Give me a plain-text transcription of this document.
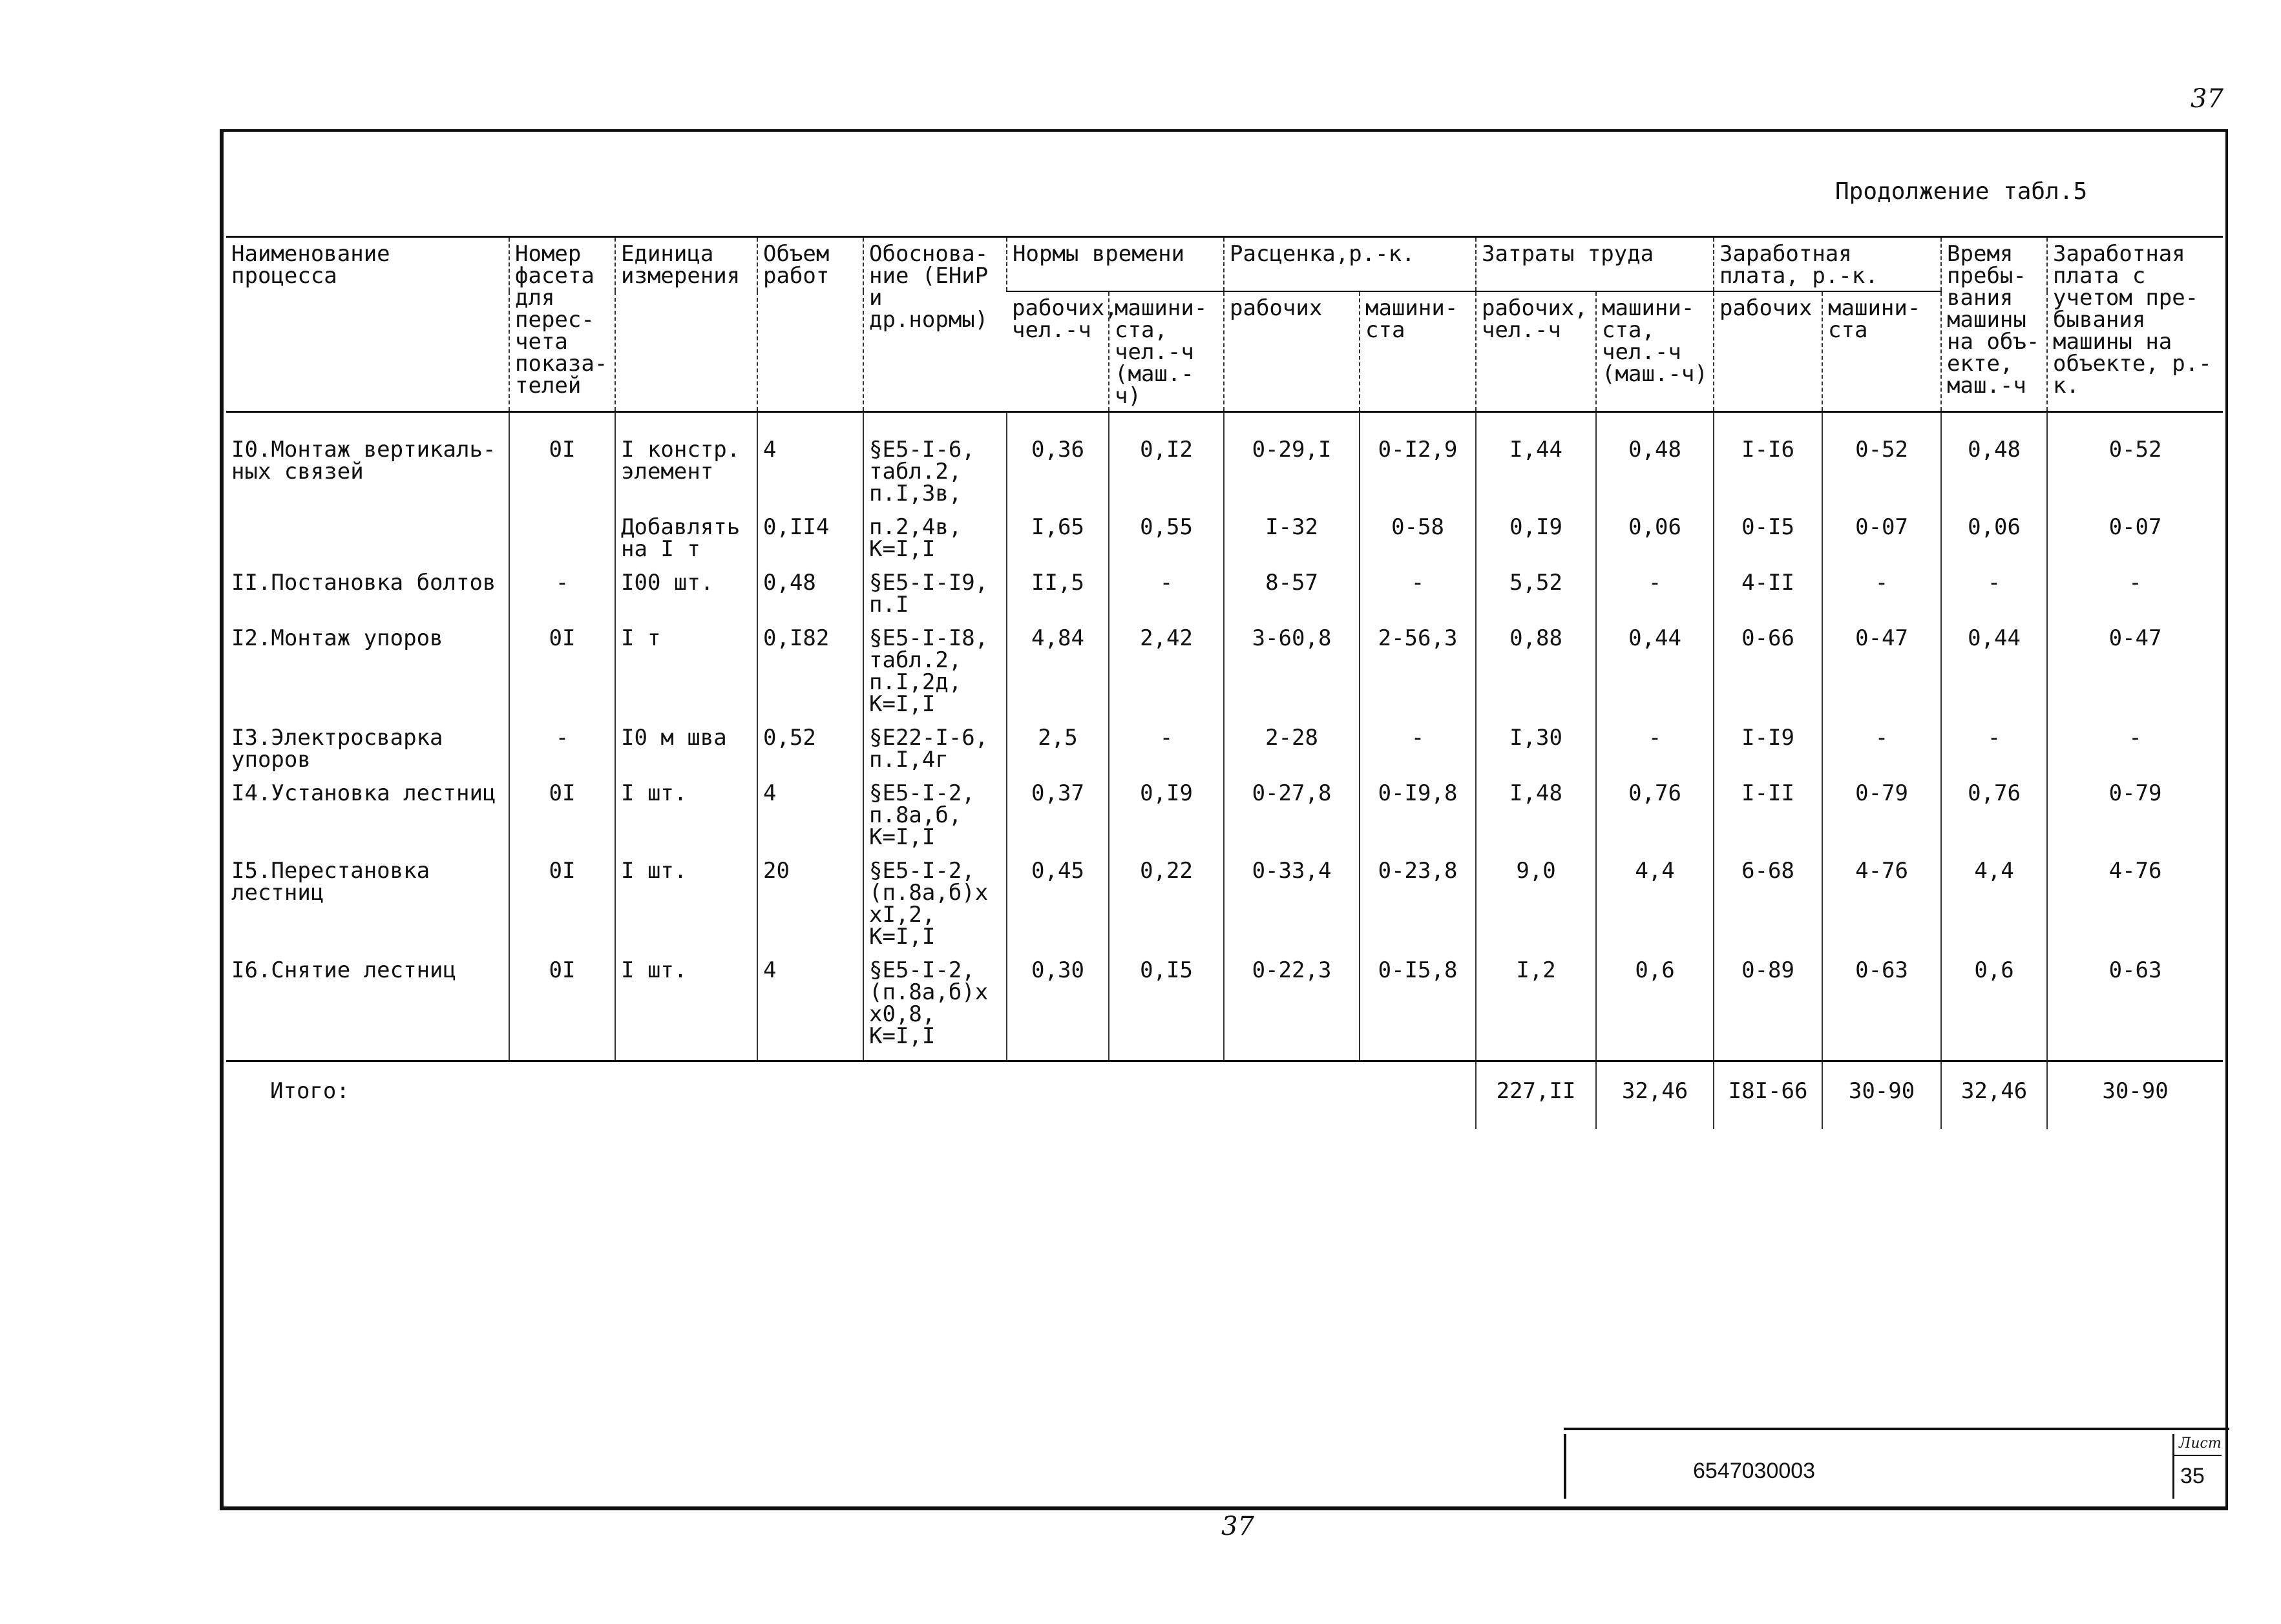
37
Продолжение табл.5
Наименование процесса	Номер фасета для перес-чета показа-телей	Единица измерения	Объем работ	Обоснова-ние (ЕНиР и др.нормы)	Нормы времени		Расценка,р.-к.		Затраты труда		Заработная плата, р.-к.		Время пребы-вания машины на объ-екте, маш.-ч	Заработная плата с учетом пре-бывания машины на объекте, р.-к.
					рабочих, чел.-ч	машини-ста, чел.-ч (маш.-ч)	рабочих	машини-ста	рабочих, чел.-ч	машини-ста, чел.-ч (маш.-ч)	рабочих	машини-ста		
I0.Монтаж вертикаль-ных связей	0I	I констр. элемент	4	§Е5-I-6, табл.2, п.I,3в,	0,36	0,I2	0-29,I	0-I2,9	I,44	0,48	I-I6	0-52	0,48	0-52
		Добавлять на I т	0,II4	п.2,4в, К=I,I	I,65	0,55	I-32	0-58	0,I9	0,06	0-I5	0-07	0,06	0-07
II.Постановка болтов	-	I00 шт.	0,48	§Е5-I-I9, п.I	II,5	-	8-57	-	5,52	-	4-II	-	-	-
I2.Монтаж упоров	0I	I т	0,I82	§Е5-I-I8, табл.2, п.I,2д, К=I,I	4,84	2,42	3-60,8	2-56,3	0,88	0,44	0-66	0-47	0,44	0-47
I3.Электросварка упоров	-	I0 м шва	0,52	§Е22-I-6, п.I,4г	2,5	-	2-28	-	I,30	-	I-I9	-	-	-
I4.Установка лестниц	0I	I шт.	4	§Е5-I-2, п.8а,б, К=I,I	0,37	0,I9	0-27,8	0-I9,8	I,48	0,76	I-II	0-79	0,76	0-79
I5.Перестановка лестниц	0I	I шт.	20	§Е5-I-2, (п.8а,б)х хI,2, К=I,I	0,45	0,22	0-33,4	0-23,8	9,0	4,4	6-68	4-76	4,4	4-76
I6.Снятие лестниц	0I	I шт.	4	§Е5-I-2, (п.8а,б)х х0,8, К=I,I	0,30	0,I5	0-22,3	0-I5,8	I,2	0,6	0-89	0-63	0,6	0-63
Итого:									227,II	32,46	I8I-66	30-90	32,46	30-90
6547030003
Лист
35
37
